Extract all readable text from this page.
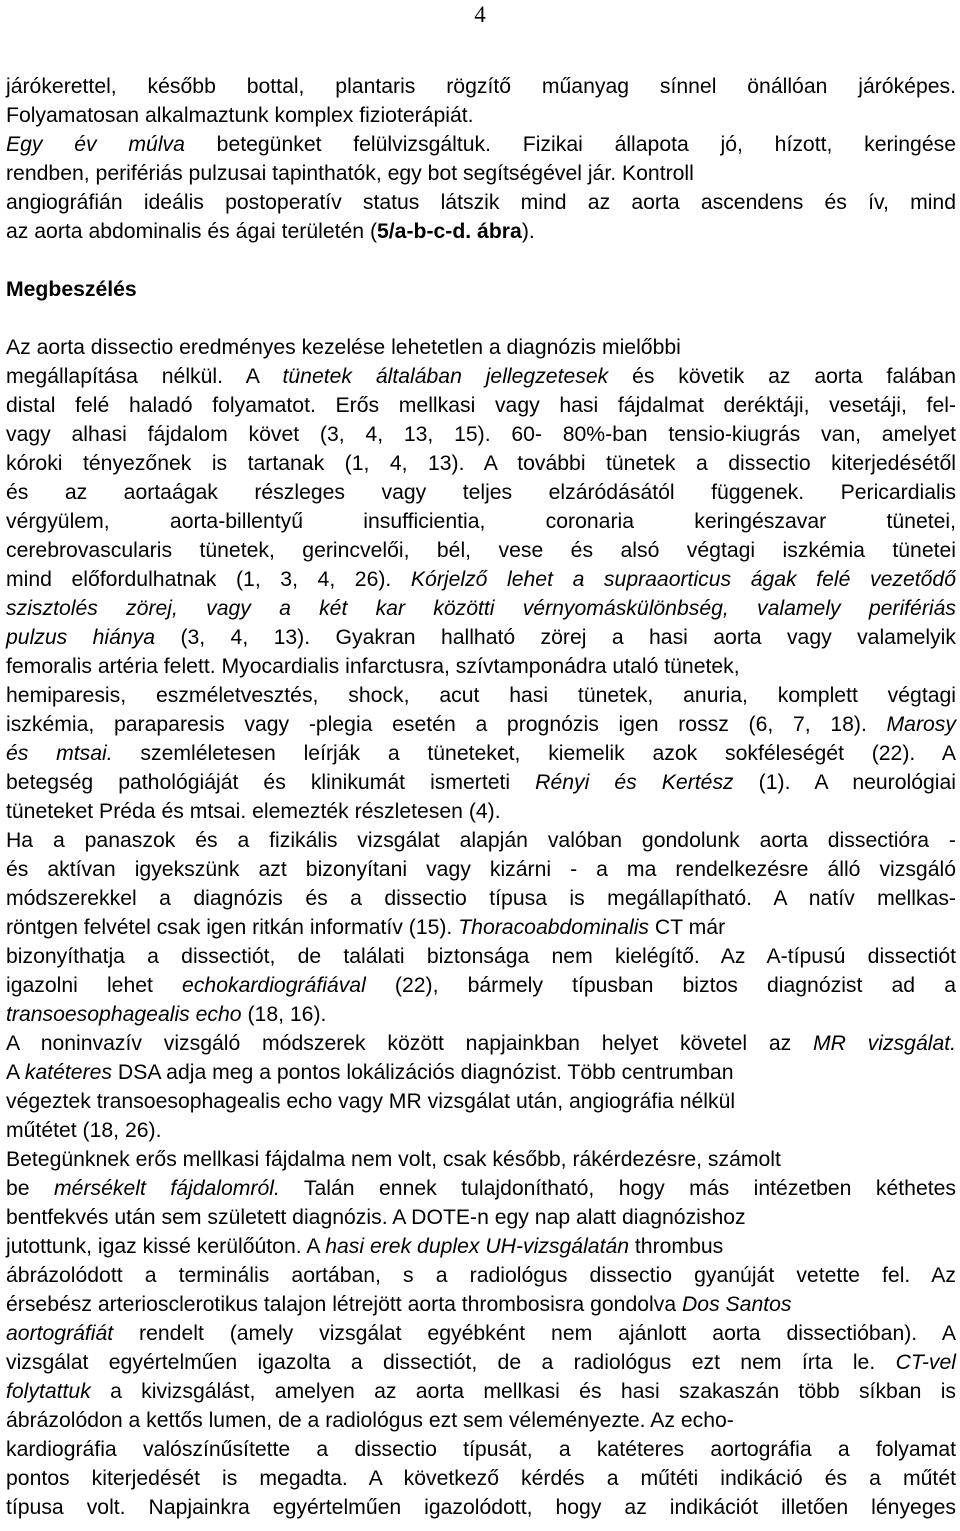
4
járókerettel, később bottal, plantaris rögzítő műanyag sínnel önállóan járóképes.
Folyamatosan alkalmaztunk komplex fizioterápiát.
Egy év múlva betegünket felülvizsgáltuk. Fizikai állapota jó, hízott, keringése
rendben, perifériás pulzusai tapinthatók, egy bot segítségével jár. Kontroll
angiográfián ideális postoperatív status látszik mind az aorta ascendens és ív, mind
az aorta abdominalis és ágai területén (5/a-b-c-d. ábra).
Megbeszélés
Az aorta dissectio eredményes kezelése lehetetlen a diagnózis mielőbbi
megállapítása nélkül. A tünetek általában jellegzetesek és követik az aorta falában
distal felé haladó folyamatot. Erős mellkasi vagy hasi fájdalmat deréktáji, vesetáji, fel-
vagy alhasi fájdalom követ (3, 4, 13, 15). 60- 80%-ban tensio-kiugrás van, amelyet
kóroki tényezőnek is tartanak (1, 4, 13). A további tünetek a dissectio kiterjedésétől
és az aortaágak részleges vagy teljes elzáródásától függenek. Pericardialis
vérgyülem, aorta-billentyű insufficientia, coronaria keringészavar tünetei,
cerebrovascularis tünetek, gerincvelői, bél, vese és alsó végtagi iszkémia tünetei
mind előfordulhatnak (1, 3, 4, 26). Kórjelző lehet a supraaorticus ágak felé vezetődő
szisztolés zörej, vagy a két kar közötti vérnyomáskülönbség, valamely perifériás
pulzus hiánya (3, 4, 13). Gyakran hallható zörej a hasi aorta vagy valamelyik
femoralis artéria felett. Myocardialis infarctusra, szívtamponádra utaló tünetek,
hemiparesis, eszméletvesztés, shock, acut hasi tünetek, anuria, komplett végtagi
iszkémia, paraparesis vagy -plegia esetén a prognózis igen rossz (6, 7, 18). Marosy
és mtsai. szemléletesen leírják a tüneteket, kiemelik azok sokféleségét (22). A
betegség pathológiáját és klinikumát ismerteti Rényi és Kertész (1). A neurológiai
tüneteket Préda és mtsai. elemezték részletesen (4).
Ha a panaszok és a fizikális vizsgálat alapján valóban gondolunk aorta dissectióra -
és aktívan igyekszünk azt bizonyítani vagy kizárni - a ma rendelkezésre álló vizsgáló
módszerekkel a diagnózis és a dissectio típusa is megállapítható. A natív mellkas-
röntgen felvétel csak igen ritkán informatív (15). Thoracoabdominalis CT már
bizonyíthatja a dissectiót, de találati biztonsága nem kielégítő. Az A-típusú dissectiót
igazolni lehet echokardiográfiával (22), bármely típusban biztos diagnózist ad a
transoesophagealis echo (18, 16).
A noninvazív vizsgáló módszerek között napjainkban helyet követel az MR vizsgálat.
A katéteres DSA adja meg a pontos lokálizációs diagnózist. Több centrumban
végeztek transoesophagealis echo vagy MR vizsgálat után, angiográfia nélkül
műtétet (18, 26).
Betegünknek erős mellkasi fájdalma nem volt, csak később, rákérdezésre, számolt
be mérsékelt fájdalomról. Talán ennek tulajdonítható, hogy más intézetben kéthetes
bentfekvés után sem született diagnózis. A DOTE-n egy nap alatt diagnózishoz
jutottunk, igaz kissé kerülőúton. A hasi erek duplex UH-vizsgálatán thrombus
ábrázolódott a terminális aortában, s a radiológus dissectio gyanúját vetette fel. Az
érsebész arteriosclerotikus talajon létrejött aorta thrombosisra gondolva Dos Santos
aortográfiát rendelt (amely vizsgálat egyébként nem ajánlott aorta dissectióban). A
vizsgálat egyértelműen igazolta a dissectiót, de a radiológus ezt nem írta le. CT-vel
folytattuk a kivizsgálást, amelyen az aorta mellkasi és hasi szakaszán több síkban is
ábrázolódon a kettős lumen, de a radiológus ezt sem véleményezte. Az echo-
kardiográfia valószínűsítette a dissectio típusát, a katéteres aortográfia a folyamat
pontos kiterjedését is megadta. A következő kérdés a műtéti indikáció és a műtét
típusa volt. Napjainkra egyértelműen igazolódott, hogy az indikációt illetően lényeges
